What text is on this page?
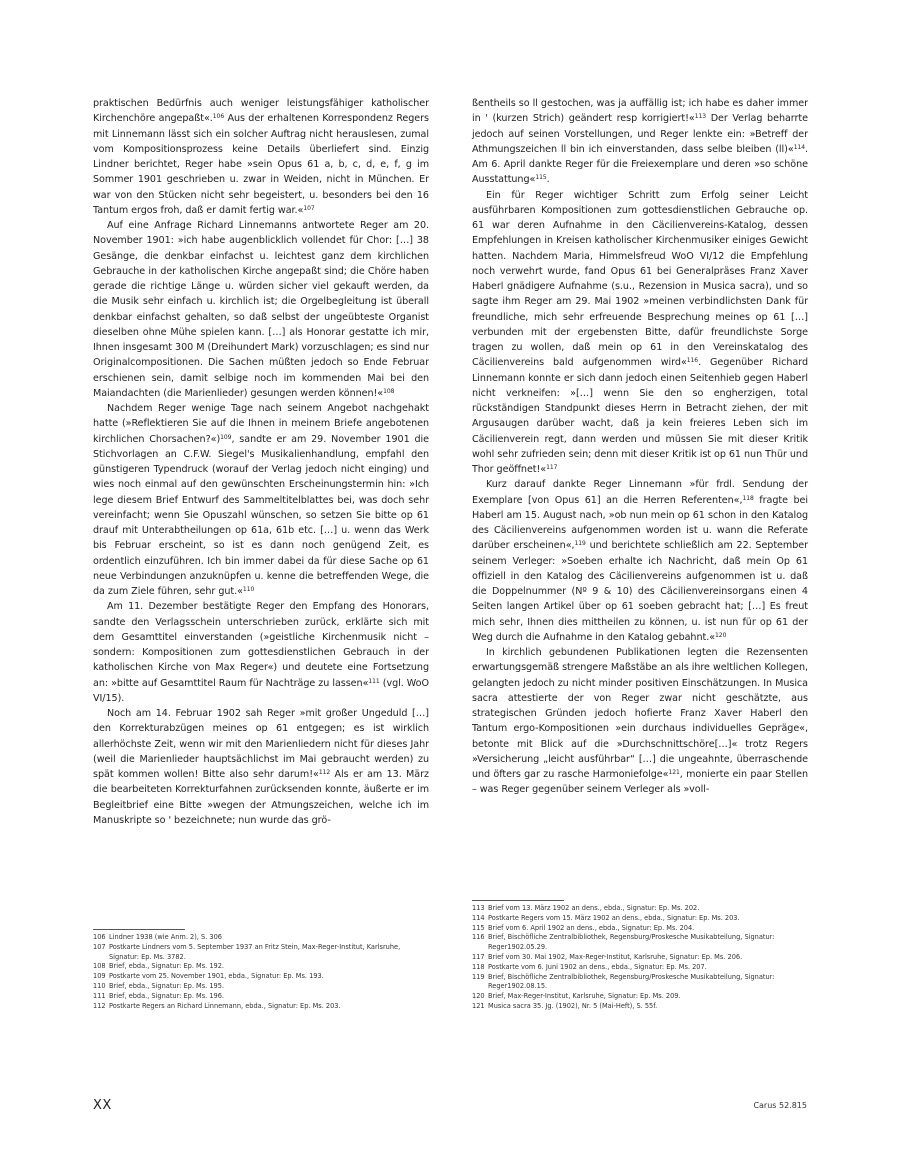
praktischen Bedürfnis auch weniger leistungsfähiger katholischer Kirchenchöre angepaßt«.$^{106}$ Aus der erhaltenen Korrespondenz Regers mit Linnemann lässt sich ein solcher Auftrag nicht herauslesen, zumal vom Kompositionsprozess keine Details überliefert sind. Einzig Lindner berichtet, Reger habe »sein Opus 61 a, b, c, d, e, f, g im Sommer 1901 geschrieben u. zwar in Weiden, nicht in München. Er war von den Stücken nicht sehr begeistert, u. besonders bei den 16 Tantum ergos froh, daß er damit fertig war.«$^{107}$

Auf eine Anfrage Richard Linnemanns antwortete Reger am 20. November 1901: »ich habe augenblicklich vollendet für Chor: […] 38 Gesänge, die denkbar einfachst u. leichtest ganz dem kirchlichen Gebrauche in der katholischen Kirche angepaßt sind; die Chöre haben gerade die richtige Länge u. würden sicher viel gekauft werden, da die Musik sehr einfach u. kirchlich ist; die Orgelbegleitung ist überall denkbar einfachst gehalten, so daß selbst der ungeübteste Organist dieselben ohne Mühe spielen kann. […] als Honorar gestatte ich mir, Ihnen insgesamt 300 M (Dreihundert Mark) vorzuschlagen; es sind nur Originalcompositionen. Die Sachen müßten jedoch so Ende Februar erschienen sein, damit selbige noch im kommenden Mai bei den Maiandachten (die Marienlieder) gesungen werden können!«$^{108}$

Nachdem Reger wenige Tage nach seinem Angebot nachgehakt hatte (»Reflektieren Sie auf die Ihnen in meinem Briefe angebotenen kirchlichen Chorsachen?«)$^{109}$, sandte er am 29. November 1901 die Stichvorlagen an C.F.W. Siegel's Musikalienhandlung, empfahl den günstigeren Typendruck (worauf der Verlag jedoch nicht einging) und wies noch einmal auf den gewünschten Erscheinungstermin hin: »Ich lege diesem Brief Entwurf des Sammeltitelblattes bei, was doch sehr vereinfacht; wenn Sie Opuszahl wünschen, so setzen Sie bitte op 61 drauf mit Unterabtheilungen op 61a, 61b etc. […] u. wenn das Werk bis Februar erscheint, so ist es dann noch genügend Zeit, es ordentlich einzuführen. Ich bin immer dabei da für diese Sache op 61 neue Verbindungen anzuknüpfen u. kenne die betreffenden Wege, die da zum Ziele führen, sehr gut.«$^{110}$

Am 11. Dezember bestätigte Reger den Empfang des Honorars, sandte den Verlagsschein unterschrieben zurück, erklärte sich mit dem Gesamttitel einverstanden (»geistliche Kirchenmusik nicht – sondern: Kompositionen zum gottesdienstlichen Gebrauch in der katholischen Kirche von Max Reger«) und deutete eine Fortsetzung an: »bitte auf Gesamttitel Raum für Nachträge zu lassen«$^{111}$ (vgl. WoO VI/15).

Noch am 14. Februar 1902 sah Reger »mit großer Ungeduld […] den Korrekturabzügen meines op 61 entgegen; es ist wirklich allerhöchste Zeit, wenn wir mit den Marienliedern nicht für dieses Jahr (weil die Marienlieder hauptsächlichst im Mai gebraucht werden) zu spät kommen wollen! Bitte also sehr darum!«$^{112}$ Als er am 13. März die bearbeiteten Korrekturfahnen zurücksenden konnte, äußerte er im Begleitbrief eine Bitte »wegen der Atmungszeichen, welche ich im Manuskripte so ' bezeichnete; nun wurde das grö-

106 Lindner 1938 (wie Anm. 2), S. 306
107 Postkarte Lindners vom 5. September 1937 an Fritz Stein, Max-Reger-Institut, Karlsruhe, Signatur: Ep. Ms. 3782.
108 Brief, ebda., Signatur: Ep. Ms. 192.
109 Postkarte vom 25. November 1901, ebda., Signatur: Ep. Ms. 193.
110 Brief, ebda., Signatur: Ep. Ms. 195.
111 Brief, ebda., Signatur: Ep. Ms. 196.
112 Postkarte Regers an Richard Linnemann, ebda., Signatur: Ep. Ms. 203.

ßentheils so ll gestochen, was ja auffällig ist; ich habe es daher immer in ' (kurzen Strich) geändert resp korrigiert!«$^{113}$ Der Verlag beharrte jedoch auf seinen Vorstellungen, und Reger lenkte ein: »Betreff der Athmungszeichen ll bin ich einverstanden, dass selbe bleiben (ll)«$^{114}$. Am 6. April dankte Reger für die Freiexemplare und deren »so schöne Ausstattung«$^{115}$.

Ein für Reger wichtiger Schritt zum Erfolg seiner Leicht ausführbaren Kompositionen zum gottesdienstlichen Gebrauche op. 61 war deren Aufnahme in den Cäcilienvereins-Katalog, dessen Empfehlungen in Kreisen katholischer Kirchenmusiker einiges Gewicht hatten. Nachdem Maria, Himmelsfreud WoO VI/12 die Empfehlung noch verwehrt wurde, fand Opus 61 bei Generalpräses Franz Xaver Haberl gnädigere Aufnahme (s.u., Rezension in Musica sacra), und so sagte ihm Reger am 29. Mai 1902 »meinen verbindlichsten Dank für freundliche, mich sehr erfreuende Besprechung meines op 61 […] verbunden mit der ergebensten Bitte, dafür freundlichste Sorge tragen zu wollen, daß mein op 61 in den Vereinskatalog des Cäcilienvereins bald aufgenommen wird«$^{116}$. Gegenüber Richard Linnemann konnte er sich dann jedoch einen Seitenhieb gegen Haberl nicht verkneifen: »[…] wenn Sie den so engherzigen, total rückständigen Standpunkt dieses Herrn in Betracht ziehen, der mit Argusaugen darüber wacht, daß ja kein freieres Leben sich im Cäcilienverein regt, dann werden und müssen Sie mit dieser Kritik wohl sehr zufrieden sein; denn mit dieser Kritik ist op 61 nun Thür und Thor geöffnet!«$^{117}$

Kurz darauf dankte Reger Linnemann »für frdl. Sendung der Exemplare [von Opus 61] an die Herren Referenten«,$^{118}$ fragte bei Haberl am 15. August nach, »ob nun mein op 61 schon in den Katalog des Cäcilienvereins aufgenommen worden ist u. wann die Referate darüber erscheinen«,$^{119}$ und berichtete schließlich am 22. September seinem Verleger: »Soeben erhalte ich Nachricht, daß mein Op 61 offiziell in den Katalog des Cäcilienvereins aufgenommen ist u. daß die Doppelnummer (Nº 9 & 10) des Cäcilienvereinsorgans einen 4 Seiten langen Artikel über op 61 soeben gebracht hat; […] Es freut mich sehr, Ihnen dies mittheilen zu können, u. ist nun für op 61 der Weg durch die Aufnahme in den Katalog gebahnt.«$^{120}$

In kirchlich gebundenen Publikationen legten die Rezensenten erwartungsgemäß strengere Maßstäbe an als ihre weltlichen Kollegen, gelangten jedoch zu nicht minder positiven Einschätzungen. In Musica sacra attestierte der von Reger zwar nicht geschätzte, aus strategischen Gründen jedoch hofierte Franz Xaver Haberl den Tantum ergo-Kompositionen »ein durchaus individuelles Gepräge«, betonte mit Blick auf die »Durchschnittschöre[…]« trotz Regers »Versicherung „leicht ausführbar“ […] die ungeahnte, überraschende und öfters gar zu rasche Harmoniefolge«$^{121}$, monierte ein paar Stellen – was Reger gegenüber seinem Verleger als »voll-

113 Brief vom 13. März 1902 an dens., ebda., Signatur: Ep. Ms. 202.
114 Postkarte Regers vom 15. März 1902 an dens., ebda., Signatur: Ep. Ms. 203.
115 Brief vom 6. April 1902 an dens., ebda., Signatur: Ep. Ms. 204.
116 Brief, Bischöfliche Zentralbibliothek, Regensburg/Proskesche Musikabteilung, Signatur: Reger1902.05.29.
117 Brief vom 30. Mai 1902, Max-Reger-Institut, Karlsruhe, Signatur: Ep. Ms. 206.
118 Postkarte vom 6. Juni 1902 an dens., ebda., Signatur: Ep. Ms. 207.
119 Brief, Bischöfliche Zentralbibliothek, Regensburg/Proskesche Musikabteilung, Signatur: Reger1902.08.15.
120 Brief, Max-Reger-Institut, Karlsruhe, Signatur: Ep. Ms. 209.
121 Musica sacra 35. Jg. (1902), Nr. 5 (Mai-Heft), S. 55f.
XX	Carus 52.815
